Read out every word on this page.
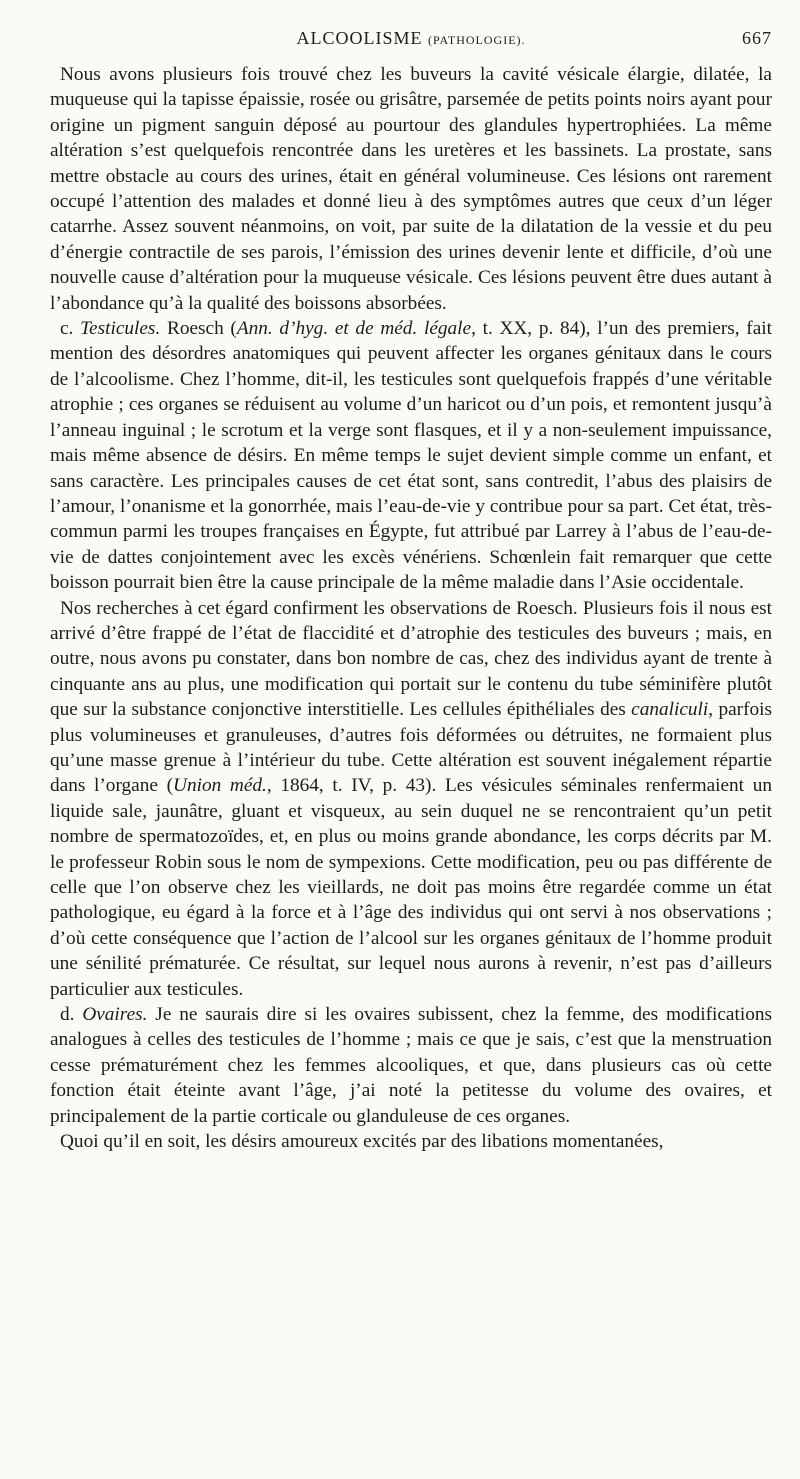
ALCOOLISME (PATHOLOGIE).	667

Nous avons plusieurs fois trouvé chez les buveurs la cavité vésicale élargie, dilatée, la muqueuse qui la tapisse épaissie, rosée ou grisâtre, parsemée de petits points noirs ayant pour origine un pigment sanguin déposé au pourtour des glandules hypertrophiées. La même altération s’est quelquefois rencontrée dans les uretères et les bassinets. La prostate, sans mettre obstacle au cours des urines, était en général volumineuse. Ces lésions ont rarement occupé l’attention des malades et donné lieu à des symptômes autres que ceux d’un léger catarrhe. Assez souvent néanmoins, on voit, par suite de la dilatation de la vessie et du peu d’énergie contractile de ses parois, l’émission des urines devenir lente et difficile, d’où une nouvelle cause d’altération pour la muqueuse vésicale. Ces lésions peuvent être dues autant à l’abondance qu’à la qualité des boissons absorbées.

c. Testicules. Roesch (Ann. d’hyg. et de méd. légale, t. XX, p. 84), l’un des premiers, fait mention des désordres anatomiques qui peuvent affecter les organes génitaux dans le cours de l’alcoolisme. Chez l’homme, dit-il, les testicules sont quelquefois frappés d’une véritable atrophie ; ces organes se réduisent au volume d’un haricot ou d’un pois, et remontent jusqu’à l’anneau inguinal ; le scrotum et la verge sont flasques, et il y a non-seulement impuissance, mais même absence de désirs. En même temps le sujet devient simple comme un enfant, et sans caractère. Les principales causes de cet état sont, sans contredit, l’abus des plaisirs de l’amour, l’onanisme et la gonorrhée, mais l’eau-de-vie y contribue pour sa part. Cet état, très-commun parmi les troupes françaises en Égypte, fut attribué par Larrey à l’abus de l’eau-de-vie de dattes conjointement avec les excès vénériens. Schœnlein fait remarquer que cette boisson pourrait bien être la cause principale de la même maladie dans l’Asie occidentale.

Nos recherches à cet égard confirment les observations de Roesch. Plusieurs fois il nous est arrivé d’être frappé de l’état de flaccidité et d’atrophie des testicules des buveurs ; mais, en outre, nous avons pu constater, dans bon nombre de cas, chez des individus ayant de trente à cinquante ans au plus, une modification qui portait sur le contenu du tube séminifère plutôt que sur la substance conjonctive interstitielle. Les cellules épithéliales des canaliculi, parfois plus volumineuses et granuleuses, d’autres fois déformées ou détruites, ne formaient plus qu’une masse grenue à l’intérieur du tube. Cette altération est souvent inégalement répartie dans l’organe (Union méd., 1864, t. IV, p. 43). Les vésicules séminales renfermaient un liquide sale, jaunâtre, gluant et visqueux, au sein duquel ne se rencontraient qu’un petit nombre de spermatozoïdes, et, en plus ou moins grande abondance, les corps décrits par M. le professeur Robin sous le nom de sympexions. Cette modification, peu ou pas différente de celle que l’on observe chez les vieillards, ne doit pas moins être regardée comme un état pathologique, eu égard à la force et à l’âge des individus qui ont servi à nos observations ; d’où cette conséquence que l’action de l’alcool sur les organes génitaux de l’homme produit une sénilité prématurée. Ce résultat, sur lequel nous aurons à revenir, n’est pas d’ailleurs particulier aux testicules.

d. Ovaires. Je ne saurais dire si les ovaires subissent, chez la femme, des modifications analogues à celles des testicules de l’homme ; mais ce que je sais, c’est que la menstruation cesse prématurément chez les femmes alcooliques, et que, dans plusieurs cas où cette fonction était éteinte avant l’âge, j’ai noté la petitesse du volume des ovaires, et principalement de la partie corticale ou glanduleuse de ces organes.

Quoi qu’il en soit, les désirs amoureux excités par des libations momentanées,
